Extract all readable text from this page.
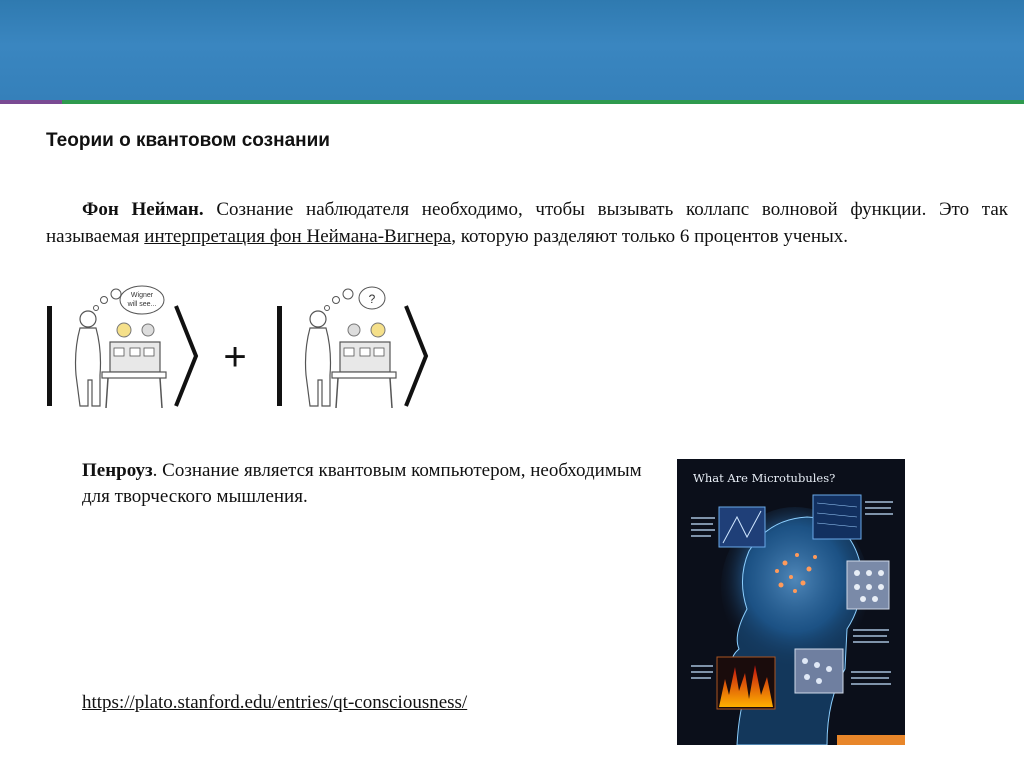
Теории о квантовом сознании
Фон Нейман. Сознание наблюдателя необходимо, чтобы вызывать коллапс волновой функции. Это так называемая интерпретация фон Неймана-Вигнера, которую разделяют только 6 процентов ученых.
Wigner
will see...
+
?
Пенроуз. Сознание является квантовым компьютером, необходимым для творческого мышления.
What Are Microtubules?
https://plato.stanford.edu/entries/qt-consciousness/
